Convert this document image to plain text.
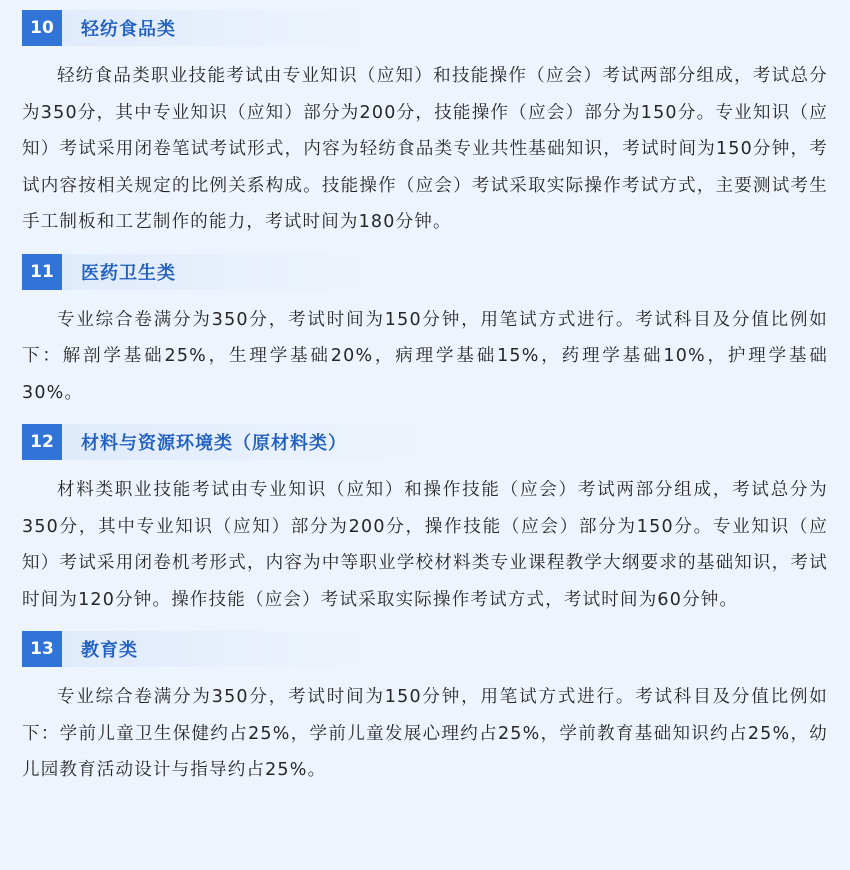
10	轻纺食品类
轻纺食品类职业技能考试由专业知识（应知）和技能操作（应会）考试两部分组成，考试总分为350分，其中专业知识（应知）部分为200分，技能操作（应会）部分为150分。专业知识（应知）考试采用闭卷笔试考试形式，内容为轻纺食品类专业共性基础知识，考试时间为150分钟，考试内容按相关规定的比例关系构成。技能操作（应会）考试采取实际操作考试方式，主要测试考生手工制板和工艺制作的能力，考试时间为180分钟。
11	医药卫生类
专业综合卷满分为350分，考试时间为150分钟，用笔试方式进行。考试科目及分值比例如下：解剖学基础25%，生理学基础20%，病理学基础15%，药理学基础10%，护理学基础30%。
12	材料与资源环境类（原材料类）
材料类职业技能考试由专业知识（应知）和操作技能（应会）考试两部分组成，考试总分为350分，其中专业知识（应知）部分为200分，操作技能（应会）部分为150分。专业知识（应知）考试采用闭卷机考形式，内容为中等职业学校材料类专业课程教学大纲要求的基础知识，考试时间为120分钟。操作技能（应会）考试采取实际操作考试方式，考试时间为60分钟。
13	教育类
专业综合卷满分为350分，考试时间为150分钟，用笔试方式进行。考试科目及分值比例如下：学前儿童卫生保健约占25%，学前儿童发展心理约占25%，学前教育基础知识约占25%，幼儿园教育活动设计与指导约占25%。
